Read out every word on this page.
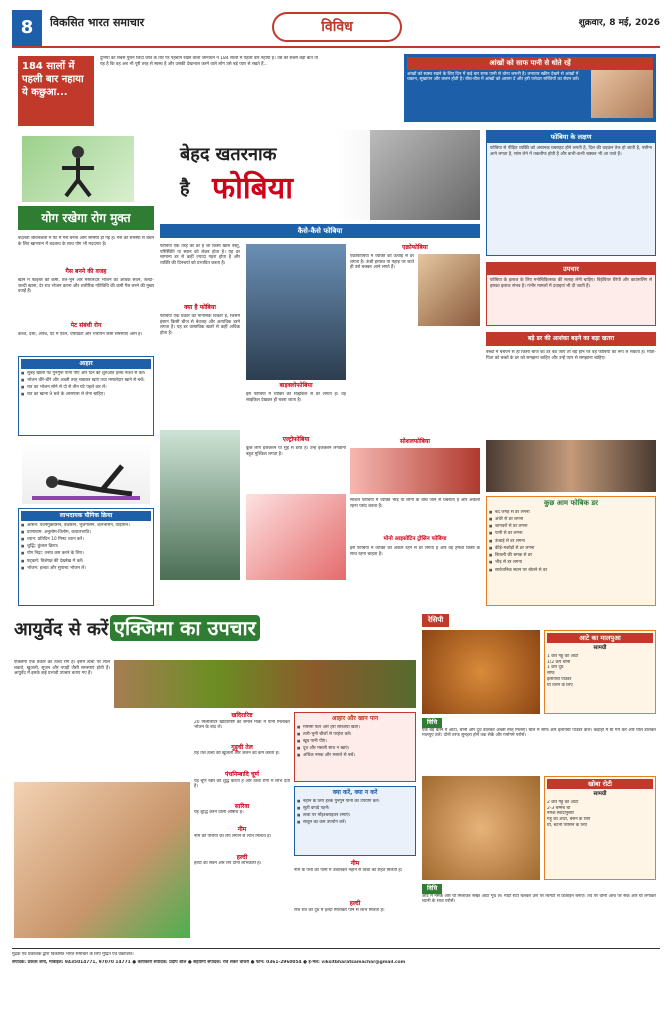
8	विकसित भारत समाचार	विविध	शुक्रवार, 8 मई, 2026
184 सालों में पहली बार नहाया ये कछुआ...
दुनिया का सबसे पुराने जिंदा जीव के तौर पर पहचान रखने वाला जोनाथन ने 184 सालों में पहली बार नहाया है। उम्र की सबसे बड़ी बात तो यह है कि वह अब भी पूरी तरह से स्वस्थ है और उसकी देखभाल करने वाले लोग उसे बड़े प्यार से रखते हैं...	आंखों को साफ पानी से धोते रहें
आंखों को स्वस्थ रखने के लिए दिन में कई बार साफ पानी से धोना जरूरी है। लगातार स्क्रीन देखने से आंखों में थकान, सूखापन और जलन होती है। बीच-बीच में आंखों को आराम दें और हरी पत्तेदार सब्जियों का सेवन करें।
योग रखेगा रोग मुक्त
बदलती जीवनशैली में पेट में गैस बनना आम समस्या हो गई है। गैस की समस्या से बचने के लिए खानपान में बदलाव के साथ योग भी मददगार है।
गैस बनने की वजह
खाने में फाइबर की कमी, तले-भुने और मसालेदार भोजन का अधिक सेवन, जल्दी-जल्दी खाना, देर रात भोजन करना और शारीरिक गतिविधि की कमी गैस बनने की मुख्य वजहें हैं।
पेट संबंधी रोग
कब्ज, दस्त, अपच, पेट में ऐंठन, एसिडिटी और भारीपन जैसी समस्याएं आम हैं।
आहार
■ सुबह खाली पेट गुनगुना पानी पीएं और दिन की शुरुआत हल्के नाश्ते से करें।
■ भोजन धीरे-धीरे और अच्छी तरह चबाकर खाएं तथा मसालेदार खाने से बचें।
■ रात का भोजन सोने से दो से तीन घंटे पहले कर लें।
■ रात का खाना 9 बजे के आसपास ले लेना चाहिए।
लाभदायक यौगिक क्रिया
■ आसन: पवनमुक्तासन, वज्रासन, भुजंगासन, शलभासन, ताड़ासन।
■ प्राणायाम: अनुलोम-विलोम, कपालभाति।
■ ध्यान: प्रतिदिन 10 मिनट ध्यान करें।
■ शुद्धि: कुंजल क्रिया।
■ योग निद्रा: तनाव कम करने के लिए।
■ षट्कर्म: विशेषज्ञ की देखरेख में करें।
■ भोजन: हल्का और सुपाच्य भोजन लें।
बेहद खतरनाक
है फोबिया
कैसे-कैसे फोबिया
फोबिया एक तरह का डर है जो किसी खास वस्तु, परिस्थिति या स्थान को लेकर होता है। यह डर सामान्य डर से कहीं ज्यादा गहरा होता है और व्यक्ति की दिनचर्या को प्रभावित करता है।
क्या है फोबिया
फोबिया एक प्रकार का मानसिक विकार है, जिसमें इंसान किसी चीज से बेवजह और अत्यधिक डरने लगता है। यह डर वास्तविक खतरे से कहीं अधिक होता है।
बाइक्लोफोबिया
इस फोबिया में व्यक्ति को साइकिल से डर लगता है। वह साइकिल देखकर ही घबरा जाता है।
एक्रोफोबिया
एक्रोफोबिया में व्यक्ति को ऊंचाई से डर लगता है। ऊंची इमारत या पहाड़ पर जाते ही उसे चक्कर आने लगते हैं।
एल्ट्रोफोबिया
कुछ लोग इंजेक्शन या सुई से डरते हैं। उन्हें इंजेक्शन लगवाना बहुत मुश्किल लगता है।
सोशलफोबिया
सोशल फोबिया में व्यक्ति भीड़ या लोगों के बीच जाने से घबराता है और अकेला रहना पसंद करता है।
मोनो आइसोटिन ट्रोसिन फोबिया
इस फोबिया में व्यक्ति को अकेले रहने से डर लगता है और वह हमेशा किसी के साथ रहना चाहता है।
फोबिया के लक्षण
फोबिया से पीड़ित व्यक्ति को अचानक घबराहट होने लगती है, दिल की धड़कन तेज हो जाती है, पसीना आने लगता है, सांस लेने में तकलीफ होती है और कभी-कभी चक्कर भी आ जाते हैं।
उपचार
फोबिया के इलाज के लिए मनोचिकित्सक की सलाह लेनी चाहिए। बिहेवियर थैरेपी और काउंसलिंग से इसका इलाज संभव है। गंभीर मामलों में दवाइयां भी दी जाती हैं।
बड़े डर की आशंका बढ़ने का बड़ा खतरा
बच्चों में बचपन से ही किसी चीज का डर बैठ जाए तो बड़े होने पर वह फोबिया का रूप ले सकता है। माता-पिता को बच्चों के डर को समझना चाहिए और उन्हें प्यार से समझाना चाहिए।
कुछ आम फोबिक डर
■ बंद जगह से डर लगना
■ अंधेरे से डर लगना
■ जानवरों से डर लगना
■ पानी से डर लगना
■ ऊंचाई से डर लगना
■ कीड़े-मकोड़ों से डर लगना
■ बिजली की चमक से डर
■ भीड़ से डर लगना
■ सार्वजनिक स्थान पर बोलने से डर
आयुर्वेद से करें एक्जिमा का उपचार
एक्जिमा एक प्रकार का त्वचा रोग है। इसमें त्वचा पर लाल चकत्ते, खुजली, सूजन और पपड़ी जैसी समस्याएं होती हैं। आयुर्वेद में इसके कई प्रभावी उपचार बताए गए हैं।
खदिरारिष्ट
20 मिलीलीटर खदिरारिष्ट को समान मात्रा में पानी मिलाकर भोजन के बाद लें।
गुड़ूची तेल
यह तेल त्वचा की खुजली और जलन को कम करता है।
पंचनिम्बादि चूर्ण
यह चूर्ण रक्त को शुद्ध करता है और त्वचा रोगों में लाभ देता है।
सारिवा
यह शुद्धि करने वाली औषधि है।
नीम
नीम की पत्तियों का लेप लगाने से लाभ मिलता है।
हल्दी
हल्दी का सेवन और लेप दोनों लाभकारी हैं।
आहार और खान पान
■ मौसमी फल और हरी सब्जियां खाएं।
■ तली-भुनी चीजों से परहेज करें।
■ खूब पानी पीएं।
■ दूध और मछली साथ न खाएं।
■ अधिक नमक और मसाले से बचें।
क्या करें, क्या न करें
■ नहाने के लिए हल्के गुनगुने पानी का उपयोग करें।
■ सूती कपड़े पहनें।
■ त्वचा पर मॉइश्चराइजर लगाएं।
■ साबुन का कम उपयोग करें।
नीम
नीम के पत्तों को पानी में उबालकर नहाने से त्वचा को राहत मिलती है।
हल्दी
रोज रात को दूध में हल्दी मिलाकर पीने से लाभ मिलता है।
रेसिपी
आटे का मालपुआ
सामग्री
1 कप गेहूं का आटा
1/2 कप चीनी
1 कप दूध
सौंफ
इलायची पाउडर
घी तलने के लिए
विधि
एक बड़े बर्तन में आटा, चीनी और दूध डालकर अच्छी तरह मिलाएं। घोल में सौंफ और इलायची पाउडर डालें। कड़ाही में घी गर्म करें और घोल डालकर मालपुए तलें। दोनों तरफ सुनहरा होने तक सेकें और गर्मागर्म परोसें।
खोबा रोटी
सामग्री
2 कप गेहूं का आटा
2-3 चम्मच घी
नमक स्वादानुसार
गेहूं का आटा, बेसन के लिए
घी, चटनी परोसने के लिए
विधि
आटे में नमक और घी मिलाकर सख्त आटा गूंथ लें। मोटी रोटी बेलकर उस पर चिमटी से डिजाइन बनाएं। तवे पर धीमी आंच पर सेंकें और घी लगाकर चटनी के साथ परोसें।
मुद्रक एवं प्रकाशक द्वारा विकसित भारत समाचार के लिए मुद्रित एवं प्रकाशित।
संपादक: प्रकाश शर्मा, मोबाइल: 9435014771, 97070 14771 ● कार्यकारी संपादक: प्रदीप शील ● सहयोगी संपादक: रवि शंकर चौधरी ● फोन: 0361-2960054 ● ई-मेल: viksitbharatsamachar@gmail.com
